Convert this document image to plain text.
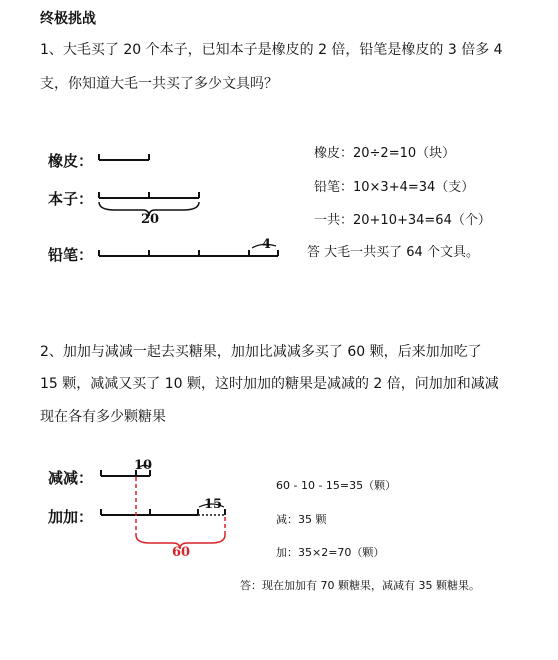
终极挑战
1、大毛买了 20 个本子，已知本子是橡皮的 2 倍，铅笔是橡皮的 3 倍多 4
支，你知道大毛一共买了多少文具吗？
橡皮：
本子：
铅笔：
20
4
橡皮：20÷2=10（块）
铅笔：10×3+4=34（支）
一共：20+10+34=64（个）
答 大毛一共买了 64 个文具。
2、加加与减减一起去买糖果，加加比减减多买了 60 颗，后来加加吃了
15 颗，减减又买了 10 颗，这时加加的糖果是减减的 2 倍，问加加和减减
现在各有多少颗糖果
减减：
加加：
10
15
60
60 - 10 - 15=35（颗）
减：35 颗
加：35×2=70（颗）
答：现在加加有 70 颗糖果，减减有 35 颗糖果。
